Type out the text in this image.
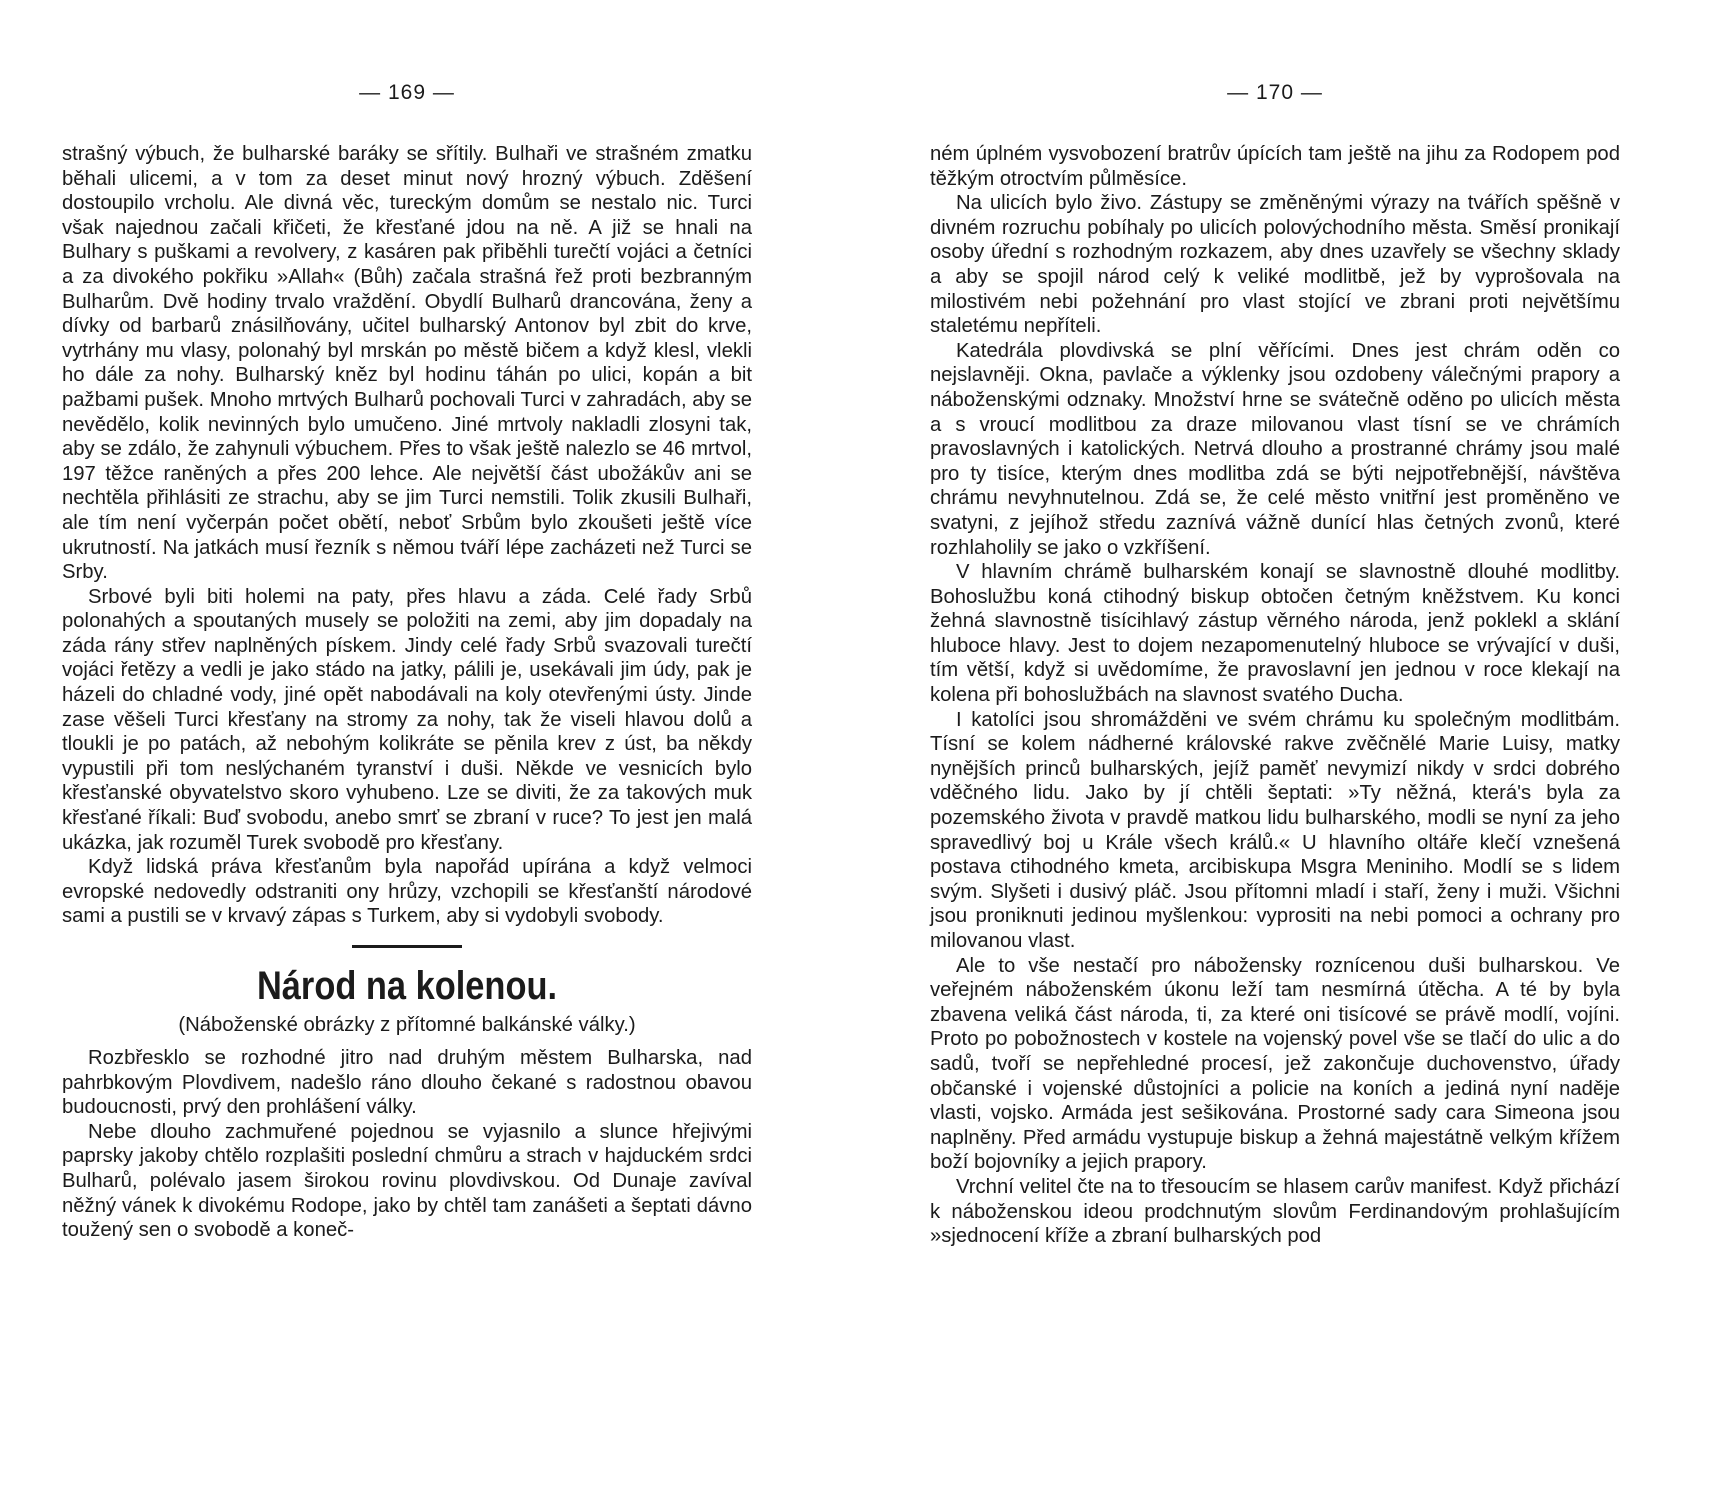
— 169 —

strašný výbuch, že bulharské baráky se sřítily. Bulhaři ve strašném zmatku běhali ulicemi, a v tom za deset minut nový hrozný výbuch. Zděšení dostoupilo vrcholu. Ale divná věc, tureckým domům se nestalo nic. Turci však najednou začali křičeti, že křesťané jdou na ně. A již se hnali na Bulhary s puškami a revolvery, z kasáren pak přiběhli turečtí vojáci a četníci a za divokého pokřiku »Allah« (Bůh) začala strašná řež proti bezbranným Bulharům. Dvě hodiny trvalo vraždění. Obydlí Bulharů drancována, ženy a dívky od barbarů znásilňovány, učitel bulharský Antonov byl zbit do krve, vytrhány mu vlasy, polonahý byl mrskán po městě bičem a když klesl, vlekli ho dále za nohy. Bulharský kněz byl hodinu táhán po ulici, kopán a bit pažbami pušek. Mnoho mrtvých Bulharů pochovali Turci v zahradách, aby se nevědělo, kolik nevinných bylo umučeno. Jiné mrtvoly nakladli zlosyni tak, aby se zdálo, že zahynuli výbuchem. Přes to však ještě nalezlo se 46 mrtvol, 197 těžce raněných a přes 200 lehce. Ale největší část ubožákův ani se nechtěla přihlásiti ze strachu, aby se jim Turci nemstili. Tolik zkusili Bulhaři, ale tím není vyčerpán počet obětí, neboť Srbům bylo zkoušeti ještě více ukrutností. Na jatkách musí řezník s němou tváří lépe zacházeti než Turci se Srby.

Srbové byli biti holemi na paty, přes hlavu a záda. Celé řady Srbů polonahých a spoutaných musely se položiti na zemi, aby jim dopadaly na záda rány střev naplněných pískem. Jindy celé řady Srbů svazovali turečtí vojáci řetězy a vedli je jako stádo na jatky, pálili je, usekávali jim údy, pak je házeli do chladné vody, jiné opět nabodávali na koly otevřenými ústy. Jinde zase věšeli Turci křesťany na stromy za nohy, tak že viseli hlavou dolů a tloukli je po patách, až nebohým kolikráte se pěnila krev z úst, ba někdy vypustili při tom neslýchaném tyranství i duši. Někde ve vesnicích bylo křesťanské obyvatelstvo skoro vyhubeno. Lze se diviti, že za takových muk křesťané říkali: Buď svobodu, anebo smrť se zbraní v ruce? To jest jen malá ukázka, jak rozuměl Turek svobodě pro křesťany.

Když lidská práva křesťanům byla napořád upírána a když velmoci evropské nedovedly odstraniti ony hrůzy, vzchopili se křesťanští národové sami a pustili se v krvavý zápas s Turkem, aby si vydobyli svobody.

Národ na kolenou.
(Náboženské obrázky z přítomné balkánské války.)

Rozbřesklo se rozhodné jitro nad druhým městem Bulharska, nad pahrbkovým Plovdivem, nadešlo ráno dlouho čekané s radostnou obavou budoucnosti, prvý den prohlášení války.

Nebe dlouho zachmuřené pojednou se vyjasnilo a slunce hřejivými paprsky jakoby chtělo rozplašiti poslední chmůru a strach v hajduckém srdci Bulharů, polévalo jasem širokou rovinu plovdivskou. Od Dunaje zavíval něžný vánek k divokému Rodope, jako by chtěl tam zanášeti a šeptati dávno toužený sen o svobodě a koneč-

— 170 —

ném úplném vysvobození bratrův úpících tam ještě na jihu za Rodopem pod těžkým otroctvím půlměsíce.

Na ulicích bylo živo. Zástupy se změněnými výrazy na tvářích spěšně v divném rozruchu pobíhaly po ulicích polovýchodního města. Směsí pronikají osoby úřední s rozhodným rozkazem, aby dnes uzavřely se všechny sklady a aby se spojil národ celý k veliké modlitbě, jež by vyprošovala na milostivém nebi požehnání pro vlast stojící ve zbrani proti největšímu staletému nepříteli.

Katedrála plovdivská se plní věřícími. Dnes jest chrám oděn co nejslavněji. Okna, pavlače a výklenky jsou ozdobeny válečnými prapory a náboženskými odznaky. Množství hrne se svátečně oděno po ulicích města a s vroucí modlitbou za draze milovanou vlast tísní se ve chrámích pravoslavných i katolických. Netrvá dlouho a prostranné chrámy jsou malé pro ty tisíce, kterým dnes modlitba zdá se býti nejpotřebnější, návštěva chrámu nevyhnutelnou. Zdá se, že celé město vnitřní jest proměněno ve svatyni, z jejíhož středu zaznívá vážně dunící hlas četných zvonů, které rozhlaholily se jako o vzkříšení.

V hlavním chrámě bulharském konají se slavnostně dlouhé modlitby. Bohoslužbu koná ctihodný biskup obtočen četným kněžstvem. Ku konci žehná slavnostně tisícihlavý zástup věrného národa, jenž poklekl a sklání hluboce hlavy. Jest to dojem nezapomenutelný hluboce se vrývající v duši, tím větší, když si uvědomíme, že pravoslavní jen jednou v roce klekají na kolena při bohoslužbách na slavnost svatého Ducha.

I katolíci jsou shromážděni ve svém chrámu ku společným modlitbám. Tísní se kolem nádherné královské rakve zvěčnělé Marie Luisy, matky nynějších princů bulharských, jejíž paměť nevymizí nikdy v srdci dobrého vděčného lidu. Jako by jí chtěli šeptati: »Ty něžná, která's byla za pozemského života v pravdě matkou lidu bulharského, modli se nyní za jeho spravedlivý boj u Krále všech králů.« U hlavního oltáře klečí vznešená postava ctihodného kmeta, arcibiskupa Msgra Meniniho. Modlí se s lidem svým. Slyšeti i dusivý pláč. Jsou přítomni mladí i staří, ženy i muži. Všichni jsou proniknuti jedinou myšlenkou: vyprositi na nebi pomoci a ochrany pro milovanou vlast.

Ale to vše nestačí pro nábožensky roznícenou duši bulharskou. Ve veřejném náboženském úkonu leží tam nesmírná útěcha. A té by byla zbavena veliká část národa, ti, za které oni tisícové se právě modlí, vojíni. Proto po pobožnostech v kostele na vojenský povel vše se tlačí do ulic a do sadů, tvoří se nepřehledné procesí, jež zakončuje duchovenstvo, úřady občanské i vojenské důstojníci a policie na koních a jediná nyní naděje vlasti, vojsko. Armáda jest sešikována. Prostorné sady cara Simeona jsou naplněny. Před armádu vystupuje biskup a žehná majestátně velkým křížem boží bojovníky a jejich prapory.

Vrchní velitel čte na to třesoucím se hlasem carův manifest. Když přichází k náboženskou ideou prodchnutým slovům Ferdinandovým prohlašujícím »sjednocení kříže a zbraní bulharských pod
